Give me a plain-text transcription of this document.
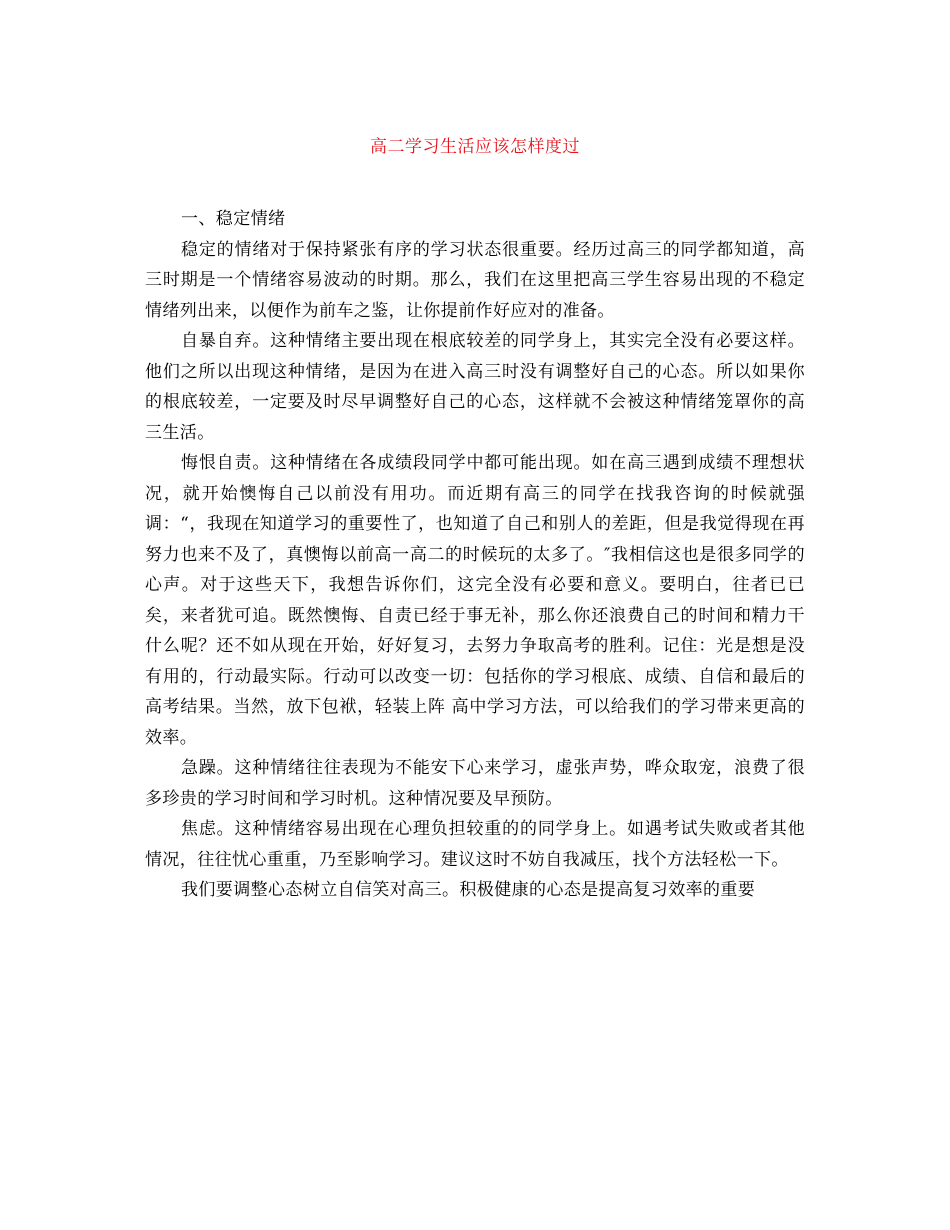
高二学习生活应该怎样度过

一、稳定情绪

稳定的情绪对于保持紧张有序的学习状态很重要。经历过高三的同学都知道，高三时期是一个情绪容易波动的时期。那么，我们在这里把高三学生容易出现的不稳定情绪列出来，以便作为前车之鉴，让你提前作好应对的准备。

自暴自弃。这种情绪主要出现在根底较差的同学身上，其实完全没有必要这样。他们之所以出现这种情绪，是因为在进入高三时没有调整好自己的心态。所以如果你的根底较差，一定要及时尽早调整好自己的心态，这样就不会被这种情绪笼罩你的高三生活。

悔恨自责。这种情绪在各成绩段同学中都可能出现。如在高三遇到成绩不理想状况，就开始懊悔自己以前没有用功。而近期有高三的同学在找我咨询的时候就强调：“，我现在知道学习的重要性了，也知道了自己和别人的差距，但是我觉得现在再努力也来不及了，真懊悔以前高一高二的时候玩的太多了。″我相信这也是很多同学的心声。对于这些天下，我想告诉你们，这完全没有必要和意义。要明白，往者已已矣，来者犹可追。既然懊悔、自责已经于事无补，那么你还浪费自己的时间和精力干什么呢？还不如从现在开始，好好复习，去努力争取高考的胜利。记住：光是想是没有用的，行动最实际。行动可以改变一切：包括你的学习根底、成绩、自信和最后的高考结果。当然，放下包袱，轻装上阵 高中学习方法，可以给我们的学习带来更高的效率。

急躁。这种情绪往往表现为不能安下心来学习，虚张声势，哗众取宠，浪费了很多珍贵的学习时间和学习时机。这种情况要及早预防。

焦虑。这种情绪容易出现在心理负担较重的的同学身上。如遇考试失败或者其他情况，往往忧心重重，乃至影响学习。建议这时不妨自我减压，找个方法轻松一下。

我们要调整心态树立自信笑对高三。积极健康的心态是提高复习效率的重要
